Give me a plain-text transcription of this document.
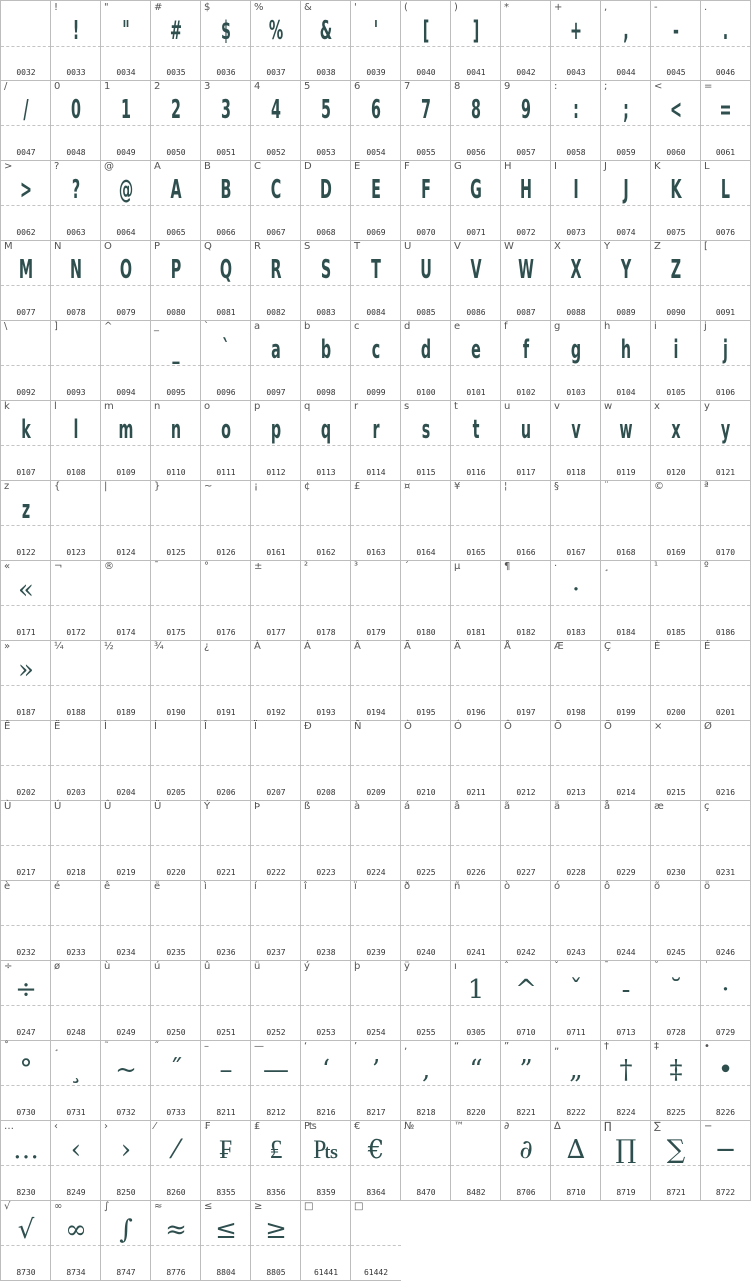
0032
!
!
0033
"
"
0034
#
#
0035
$
$
0036
%
%
0037
&
&
0038
'
'
0039
(
[
0040
)
]
0041
*
0042
+
+
0043
,
,
0044
-
-
0045
.
.
0046
/
/
0047
0
0
0048
1
1
0049
2
2
0050
3
3
0051
4
4
0052
5
5
0053
6
6
0054
7
7
0055
8
8
0056
9
9
0057
:
:
0058
;
;
0059
<
<
0060
=
=
0061
>
>
0062
?
?
0063
@
@
0064
A
A
0065
B
B
0066
C
C
0067
D
D
0068
E
E
0069
F
F
0070
G
G
0071
H
H
0072
I
I
0073
J
J
0074
K
K
0075
L
L
0076
M
M
0077
N
N
0078
O
O
0079
P
P
0080
Q
Q
0081
R
R
0082
S
S
0083
T
T
0084
U
U
0085
V
V
0086
W
W
0087
X
X
0088
Y
Y
0089
Z
Z
0090
[
0091
\
0092
]
0093
^
0094
_
_
0095
`
`
0096
a
a
0097
b
b
0098
c
c
0099
d
d
0100
e
e
0101
f
f
0102
g
g
0103
h
h
0104
i
i
0105
j
j
0106
k
k
0107
l
l
0108
m
m
0109
n
n
0110
o
o
0111
p
p
0112
q
q
0113
r
r
0114
s
s
0115
t
t
0116
u
u
0117
v
v
0118
w
w
0119
x
x
0120
y
y
0121
z
z
0122
{
0123
|
0124
}
0125
~
0126
¡
0161
¢
0162
£
0163
¤
0164
¥
0165
¦
0166
§
0167
¨
0168
©
0169
ª
0170
«
«
0171
¬
0172
®
0174
¯
0175
°
0176
±
0177
²
0178
³
0179
´
0180
µ
0181
¶
0182
·
·
0183
¸
0184
¹
0185
º
0186
»
»
0187
¼
0188
½
0189
¾
0190
¿
0191
À
0192
Á
0193
Â
0194
Ã
0195
Ä
0196
Å
0197
Æ
0198
Ç
0199
È
0200
É
0201
Ê
0202
Ë
0203
Ì
0204
Í
0205
Î
0206
Ï
0207
Ð
0208
Ñ
0209
Ò
0210
Ó
0211
Ô
0212
Õ
0213
Ö
0214
×
0215
Ø
0216
Ù
0217
Ú
0218
Û
0219
Ü
0220
Ý
0221
Þ
0222
ß
0223
à
0224
á
0225
â
0226
ã
0227
ä
0228
å
0229
æ
0230
ç
0231
è
0232
é
0233
ê
0234
ë
0235
ì
0236
í
0237
î
0238
ï
0239
ð
0240
ñ
0241
ò
0242
ó
0243
ô
0244
õ
0245
ö
0246
÷
÷
0247
ø
0248
ù
0249
ú
0250
û
0251
ü
0252
ý
0253
þ
0254
ÿ
0255
ı
1
0305
ˆ
^
0710
ˇ
ˇ
0711
ˉ
-
0713
˘
˘
0728
˙
·
0729
˚
°
0730
¸
¸
0731
˜
~
0732
˝
˝
0733
–
–
8211
—
—
8212
‘
‘
8216
’
’
8217
‚
‚
8218
“
“
8220
”
”
8221
„
„
8222
†
†
8224
‡
‡
8225
•
•
8226
…
…
8230
‹
‹
8249
›
›
8250
⁄
⁄
8260
₣
₣
8355
₤
₤
8356
₧
₧
8359
€
€
8364
№
8470
™
8482
∂
∂
8706
∆
∆
8710
∏
∏
8719
∑
∑
8721
−
−
8722
√
√
8730
∞
∞
8734
∫
∫
8747
≈
≈
8776
≤
≤
8804
≥
≥
8805
□
61441
□
61442
